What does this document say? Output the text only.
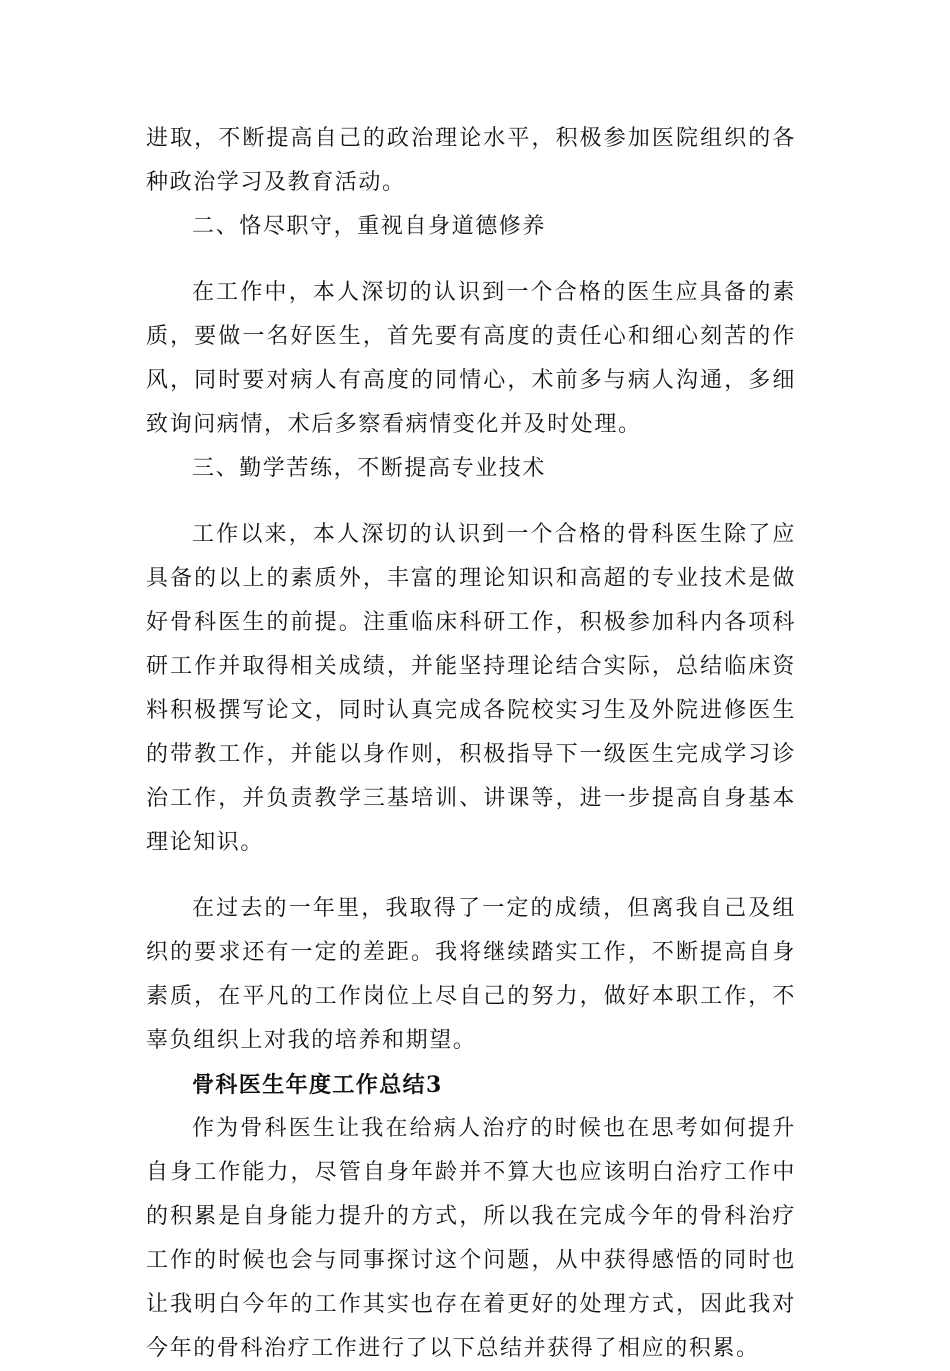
进取，不断提高自己的政治理论水平，积极参加医院组织的各种政治学习及教育活动。

二、恪尽职守，重视自身道德修养

在工作中，本人深切的认识到一个合格的医生应具备的素质，要做一名好医生，首先要有高度的责任心和细心刻苦的作风，同时要对病人有高度的同情心，术前多与病人沟通，多细致询问病情，术后多察看病情变化并及时处理。

三、勤学苦练，不断提高专业技术

工作以来，本人深切的认识到一个合格的骨科医生除了应具备的以上的素质外，丰富的理论知识和高超的专业技术是做好骨科医生的前提。注重临床科研工作，积极参加科内各项科研工作并取得相关成绩，并能坚持理论结合实际，总结临床资料积极撰写论文，同时认真完成各院校实习生及外院进修医生的带教工作，并能以身作则，积极指导下一级医生完成学习诊治工作，并负责教学三基培训、讲课等，进一步提高自身基本理论知识。

在过去的一年里，我取得了一定的成绩，但离我自己及组织的要求还有一定的差距。我将继续踏实工作，不断提高自身素质，在平凡的工作岗位上尽自己的努力，做好本职工作，不辜负组织上对我的培养和期望。

骨科医生年度工作总结3

作为骨科医生让我在给病人治疗的时候也在思考如何提升自身工作能力，尽管自身年龄并不算大也应该明白治疗工作中的积累是自身能力提升的方式，所以我在完成今年的骨科治疗工作的时候也会与同事探讨这个问题，从中获得感悟的同时也让我明白今年的工作其实也存在着更好的处理方式，因此我对今年的骨科治疗工作进行了以下总结并获得了相应的积累。
